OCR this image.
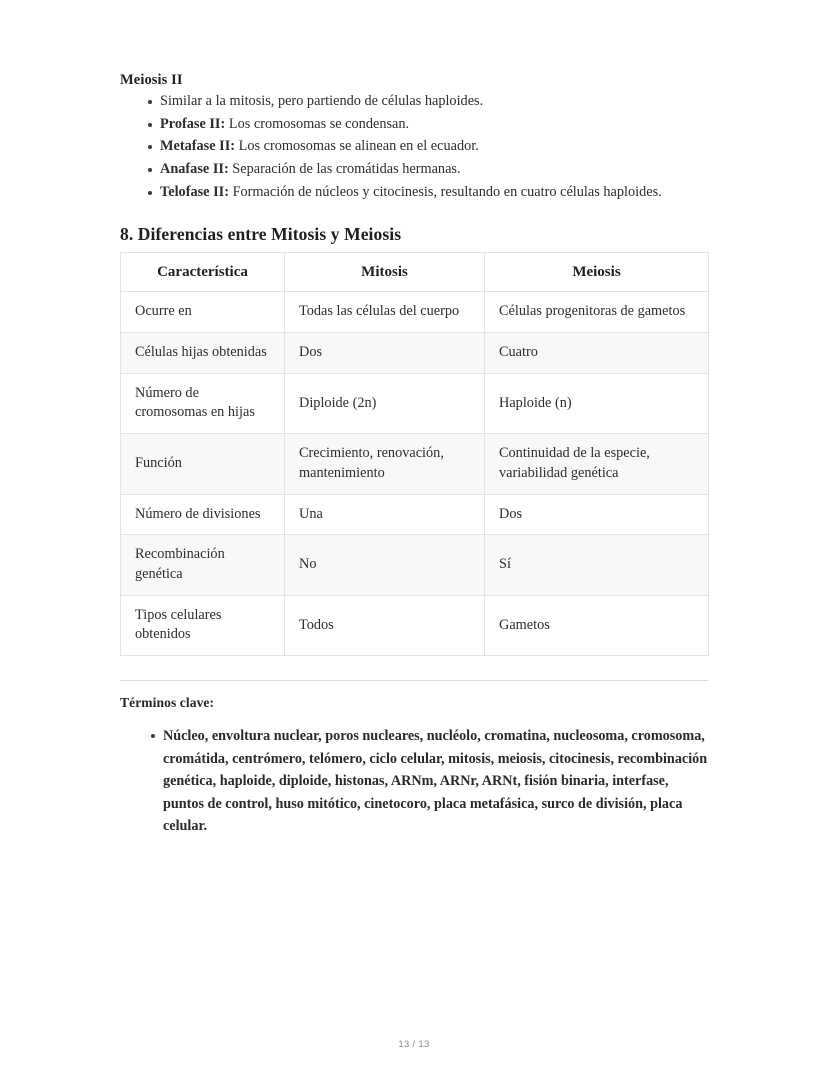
Meiosis II
Similar a la mitosis, pero partiendo de células haploides.
Profase II: Los cromosomas se condensan.
Metafase II: Los cromosomas se alinean en el ecuador.
Anafase II: Separación de las cromátidas hermanas.
Telofase II: Formación de núcleos y citocinesis, resultando en cuatro células haploides.
8. Diferencias entre Mitosis y Meiosis
Característica	Mitosis	Meiosis
Ocurre en	Todas las células del cuerpo	Células progenitoras de gametos
Células hijas obtenidas	Dos	Cuatro
Número de cromosomas en hijas	Diploide (2n)	Haploide (n)
Función	Crecimiento, renovación, mantenimiento	Continuidad de la especie, variabilidad genética
Número de divisiones	Una	Dos
Recombinación genética	No	Sí
Tipos celulares obtenidos	Todos	Gametos

Términos clave:

Núcleo, envoltura nuclear, poros nucleares, nucléolo, cromatina, nucleosoma, cromosoma, cromátida, centrómero, telómero, ciclo celular, mitosis, meiosis, citocinesis, recombinación genética, haploide, diploide, histonas, ARNm, ARNr, ARNt, fisión binaria, interfase, puntos de control, huso mitótico, cinetocoro, placa metafásica, surco de división, placa celular.
13 / 13
